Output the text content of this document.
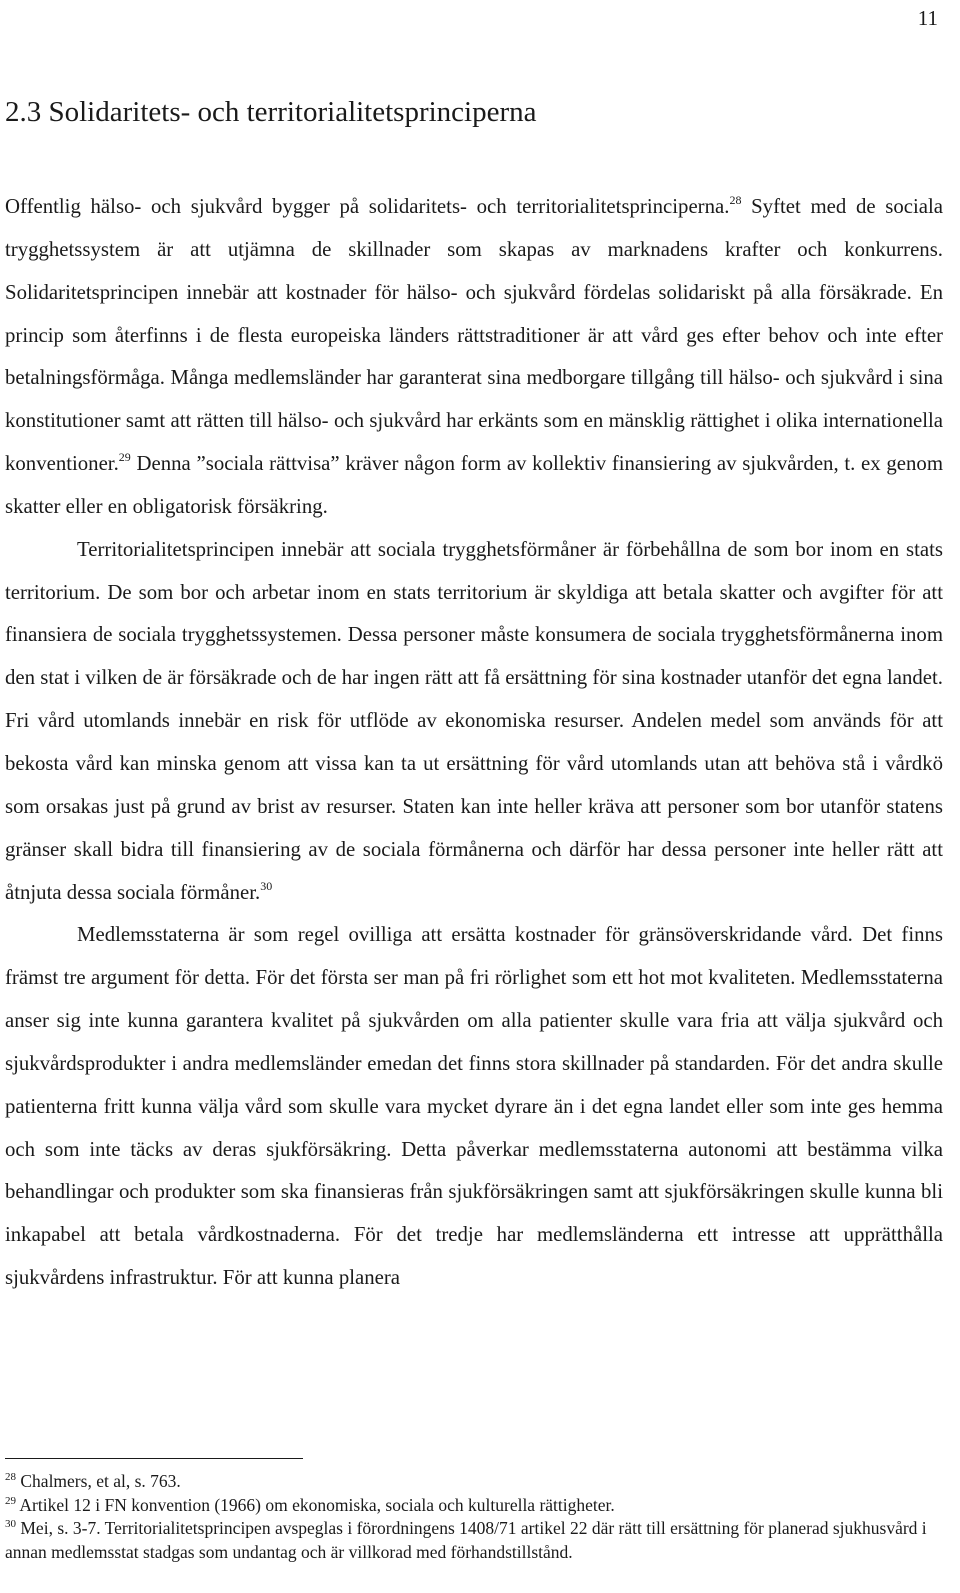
11
2.3 Solidaritets- och territorialitetsprinciperna

Offentlig hälso- och sjukvård bygger på solidaritets- och territorialitetsprinciperna.$^{28}$ Syftet med de sociala trygghetssystem är att utjämna de skillnader som skapas av marknadens krafter och konkurrens. Solidaritetsprincipen innebär att kostnader för hälso- och sjukvård fördelas solidariskt på alla försäkrade. En princip som återfinns i de flesta europeiska länders rättstraditioner är att vård ges efter behov och inte efter betalningsförmåga. Många medlemsländer har garanterat sina medborgare tillgång till hälso- och sjukvård i sina konstitutioner samt att rätten till hälso- och sjukvård har erkänts som en mänsklig rättighet i olika internationella konventioner.$^{29}$ Denna ”sociala rättvisa” kräver någon form av kollektiv finansiering av sjukvården, t. ex genom skatter eller en obligatorisk försäkring.

Territorialitetsprincipen innebär att sociala trygghetsförmåner är förbehållna de som bor inom en stats territorium. De som bor och arbetar inom en stats territorium är skyldiga att betala skatter och avgifter för att finansiera de sociala trygghetssystemen. Dessa personer måste konsumera de sociala trygghetsförmånerna inom den stat i vilken de är försäkrade och de har ingen rätt att få ersättning för sina kostnader utanför det egna landet. Fri vård utomlands innebär en risk för utflöde av ekonomiska resurser. Andelen medel som används för att bekosta vård kan minska genom att vissa kan ta ut ersättning för vård utomlands utan att behöva stå i vårdkö som orsakas just på grund av brist av resurser. Staten kan inte heller kräva att personer som bor utanför statens gränser skall bidra till finansiering av de sociala förmånerna och därför har dessa personer inte heller rätt att åtnjuta dessa sociala förmåner.$^{30}$

Medlemsstaterna är som regel ovilliga att ersätta kostnader för gränsöverskridande vård. Det finns främst tre argument för detta. För det första ser man på fri rörlighet som ett hot mot kvaliteten. Medlemsstaterna anser sig inte kunna garantera kvalitet på sjukvården om alla patienter skulle vara fria att välja sjukvård och sjukvårdsprodukter i andra medlemsländer emedan det finns stora skillnader på standarden. För det andra skulle patienterna fritt kunna välja vård som skulle vara mycket dyrare än i det egna landet eller som inte ges hemma och som inte täcks av deras sjukförsäkring. Detta påverkar medlemsstaterna autonomi att bestämma vilka behandlingar och produkter som ska finansieras från sjukförsäkringen samt att sjukförsäkringen skulle kunna bli inkapabel att betala vårdkostnaderna. För det tredje har medlemsländerna ett intresse att upprätthålla sjukvårdens infrastruktur. För att kunna planera

$^{28}$ Chalmers, et al, s. 763.

$^{29}$ Artikel 12 i FN konvention (1966) om ekonomiska, sociala och kulturella rättigheter.

$^{30}$ Mei, s. 3-7. Territorialitetsprincipen avspeglas i förordningens 1408/71 artikel 22 där rätt till ersättning för planerad sjukhusvård i annan medlemsstat stadgas som undantag och är villkorad med förhandstillstånd.
